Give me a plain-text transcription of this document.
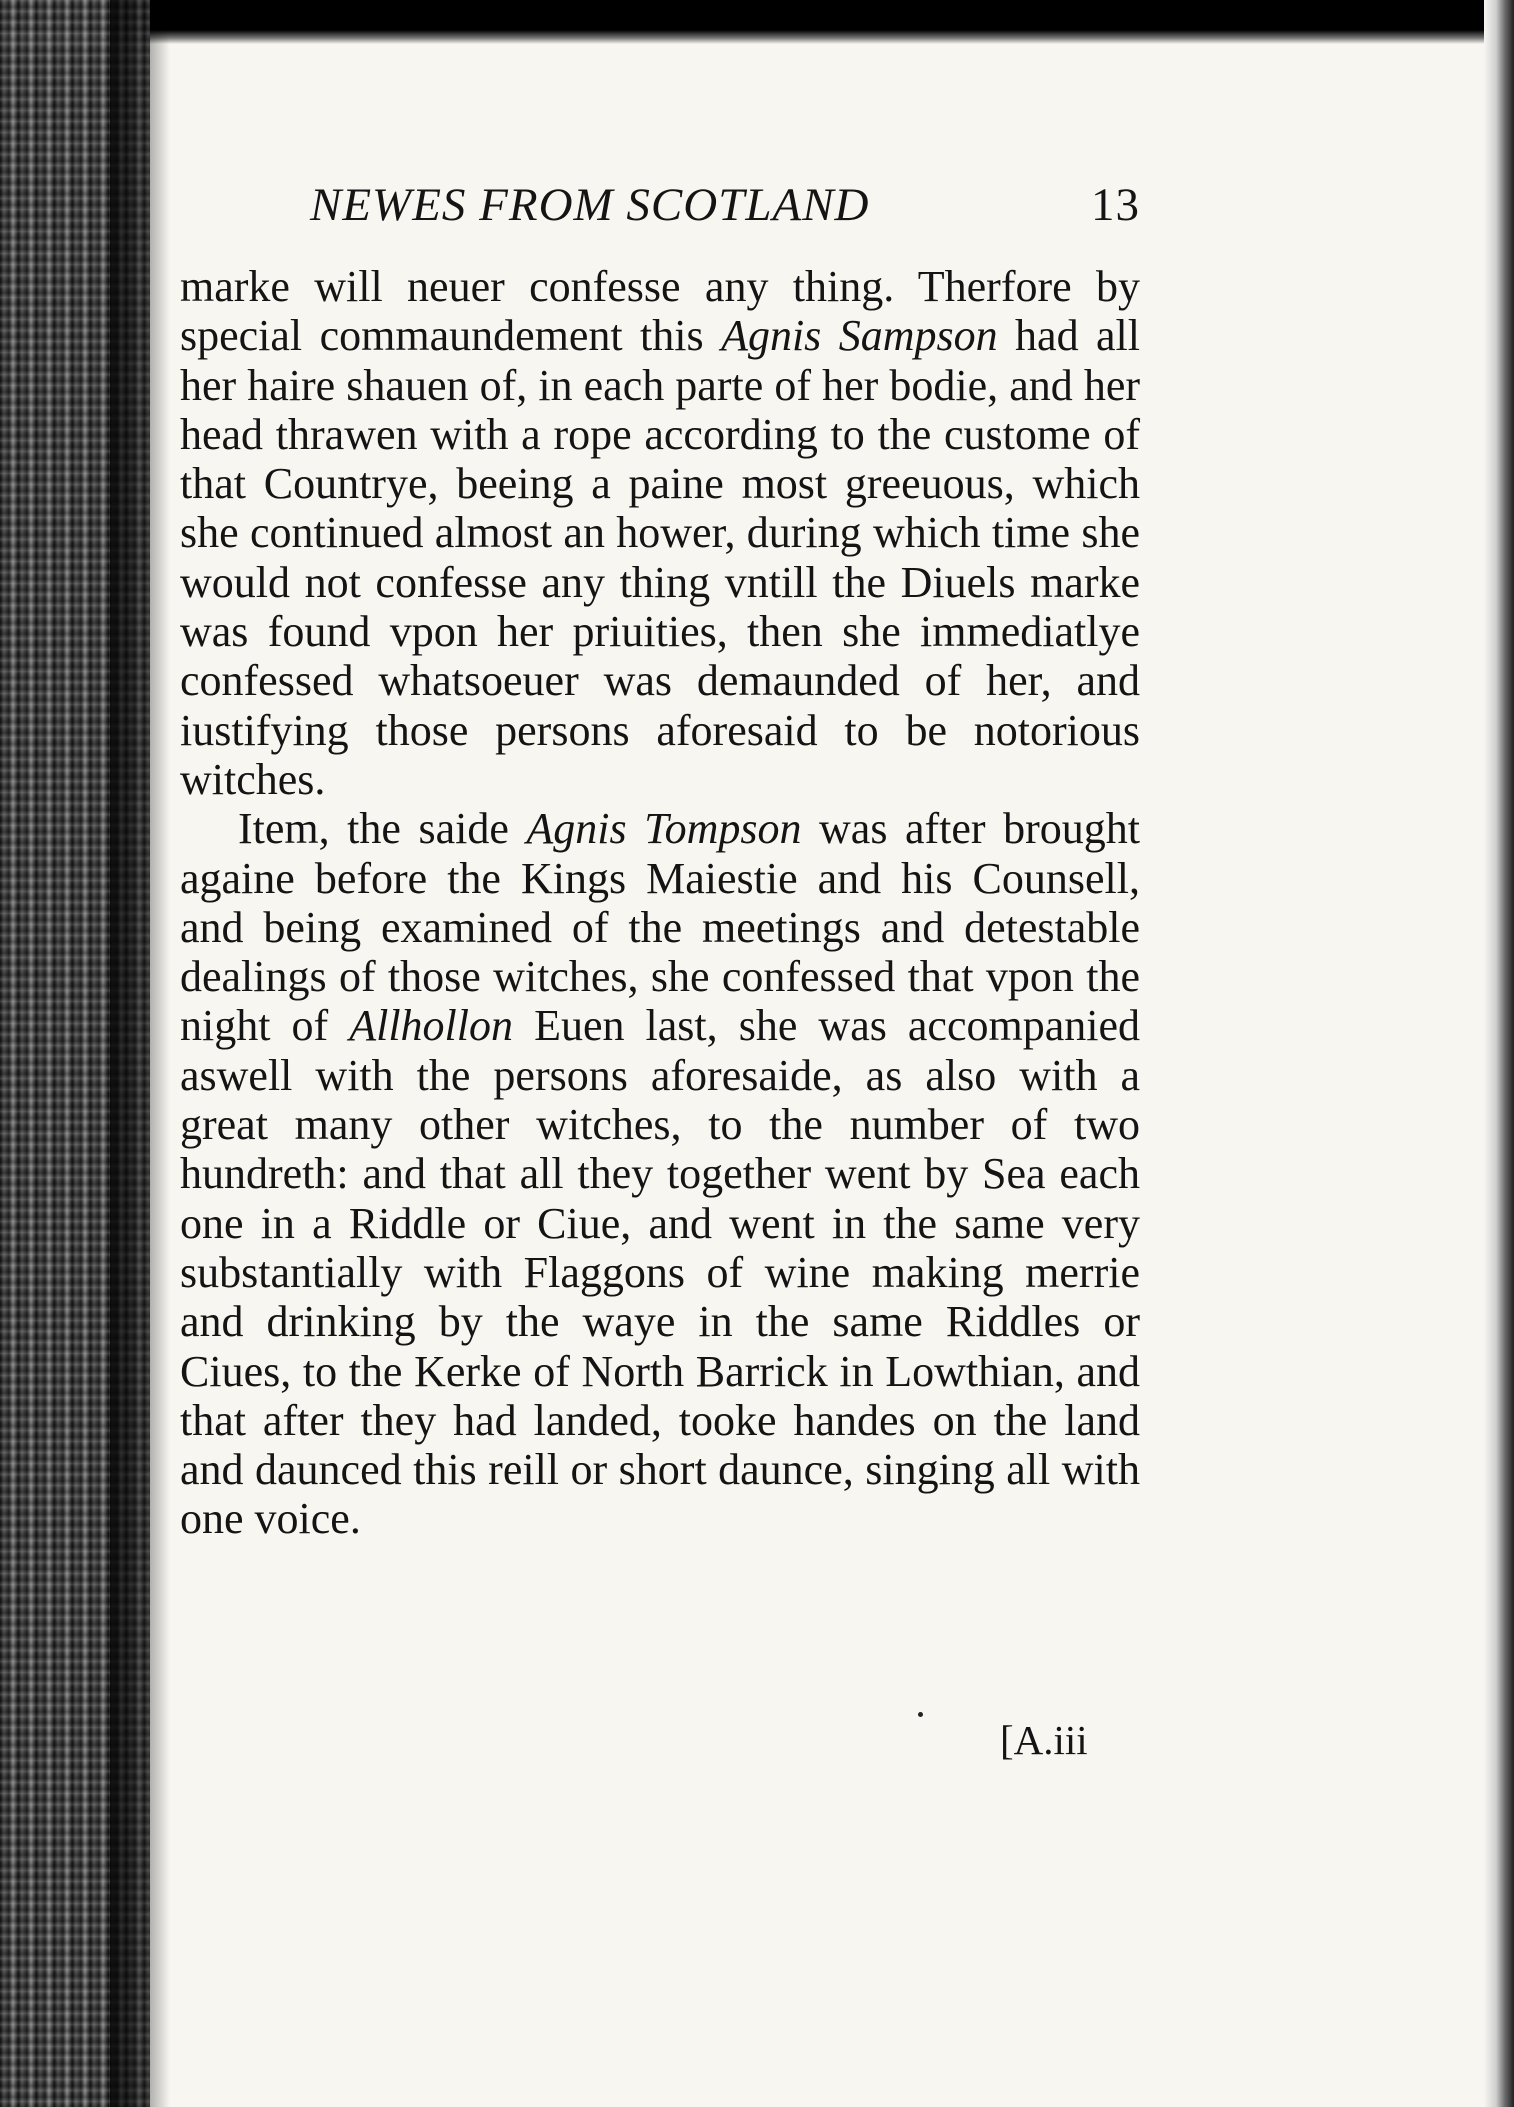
NEWES FROM SCOTLAND	13

marke will neuer confesse any thing. Therfore by special commaundement this Agnis Sampson had all her haire shauen of, in each parte of her bodie, and her head thrawen with a rope according to the custome of that Countrye, beeing a paine most greeuous, which she continued almost an hower, during which time she would not confesse any thing vntill the Diuels marke was found vpon her priuities, then she immediatlye confessed whatsoeuer was demaunded of her, and iustifying those persons aforesaid to be notorious witches.

Item, the saide Agnis Tompson was after brought againe before the Kings Maiestie and his Counsell, and being examined of the meetings and detestable dealings of those witches, she confessed that vpon the night of Allhollon Euen last, she was accompanied aswell with the persons aforesaide, as also with a great many other witches, to the number of two hundreth: and that all they together went by Sea each one in a Riddle or Ciue, and went in the same very substantially with Flaggons of wine making merrie and drinking by the waye in the same Riddles or Ciues, to the Kerke of North Barrick in Lowthian, and that after they had landed, tooke handes on the land and daunced this reill or short daunce, singing all with one voice.

[A.iii
